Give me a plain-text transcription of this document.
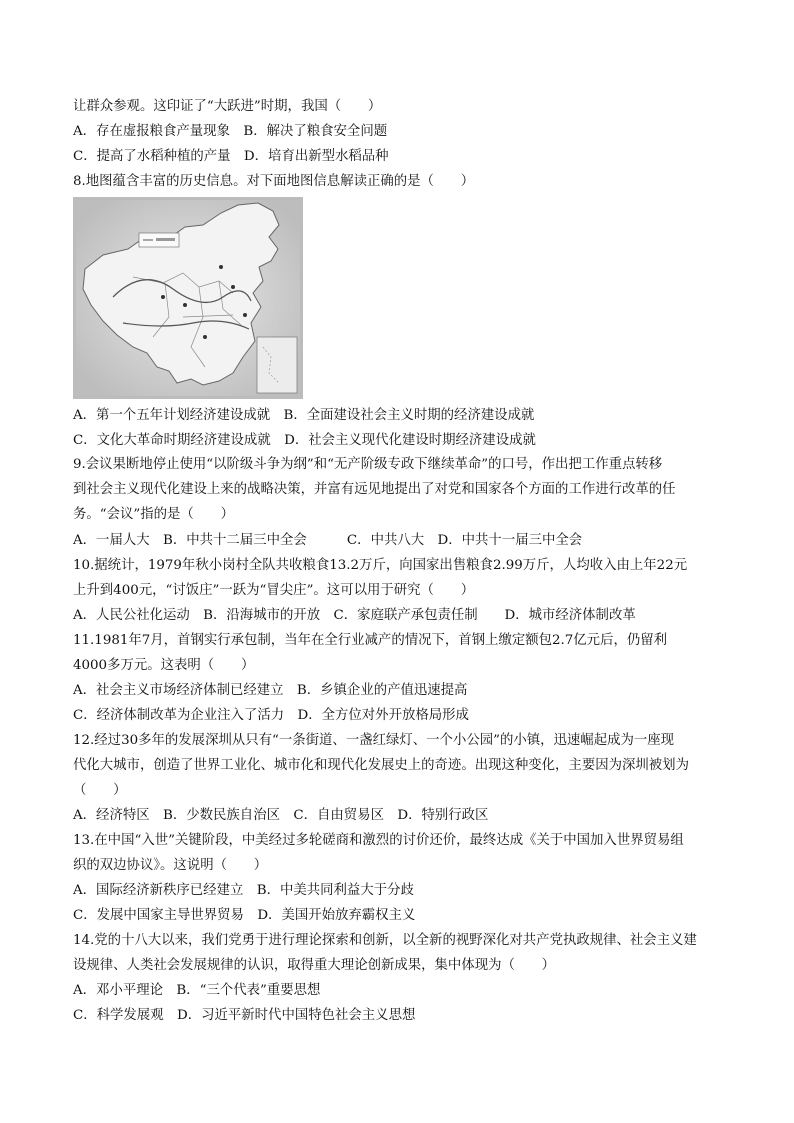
让群众参观。这印证了“大跃进”时期，我国（　　）
A．存在虚报粮食产量现象　B．解决了粮食安全问题
C．提高了水稻种植的产量　D．培育出新型水稻品种
8.地图蕴含丰富的历史信息。对下面地图信息解读正确的是（　　）
A．第一个五年计划经济建设成就　B．全面建设社会主义时期的经济建设成就
C．文化大革命时期经济建设成就　D．社会主义现代化建设时期经济建设成就
9.会议果断地停止使用“以阶级斗争为纲”和“无产阶级专政下继续革命”的口号，作出把工作重点转移
到社会主义现代化建设上来的战略决策，并富有远见地提出了对党和国家各个方面的工作进行改革的任
务。“会议”指的是（　　）
A．一届人大　B．中共十二届三中全会　　　C．中共八大　D．中共十一届三中全会
10.据统计，1979年秋小岗村全队共收粮食13.2万斤，向国家出售粮食2.99万斤，人均收入由上年22元
上升到400元，“讨饭庄”一跃为“冒尖庄”。这可以用于研究（　　）
A．人民公社化运动　B．沿海城市的开放　C．家庭联产承包责任制　　D．城市经济体制改革
11.1981年7月，首钢实行承包制，当年在全行业减产的情况下，首钢上缴定额包2.7亿元后，仍留利
4000多万元。这表明（　　）
A．社会主义市场经济体制已经建立　B．乡镇企业的产值迅速提高
C．经济体制改革为企业注入了活力　D．全方位对外开放格局形成
12.经过30多年的发展深圳从只有“一条街道、一盏红绿灯、一个小公园”的小镇，迅速崛起成为一座现
代化大城市，创造了世界工业化、城市化和现代化发展史上的奇迹。出现这种变化，主要因为深圳被划为
（　　）
A．经济特区　B．少数民族自治区　C．自由贸易区　D．特别行政区
13.在中国“入世”关键阶段，中美经过多轮磋商和激烈的讨价还价，最终达成《关于中国加入世界贸易组
织的双边协议》。这说明（　　）
A．国际经济新秩序已经建立　B．中美共同利益大于分歧
C．发展中国家主导世界贸易　D．美国开始放弃霸权主义
14.党的十八大以来，我们党勇于进行理论探索和创新，以全新的视野深化对共产党执政规律、社会主义建
设规律、人类社会发展规律的认识，取得重大理论创新成果，集中体现为（　　）
A．邓小平理论　B．“三个代表”重要思想
C．科学发展观　D．习近平新时代中国特色社会主义思想
